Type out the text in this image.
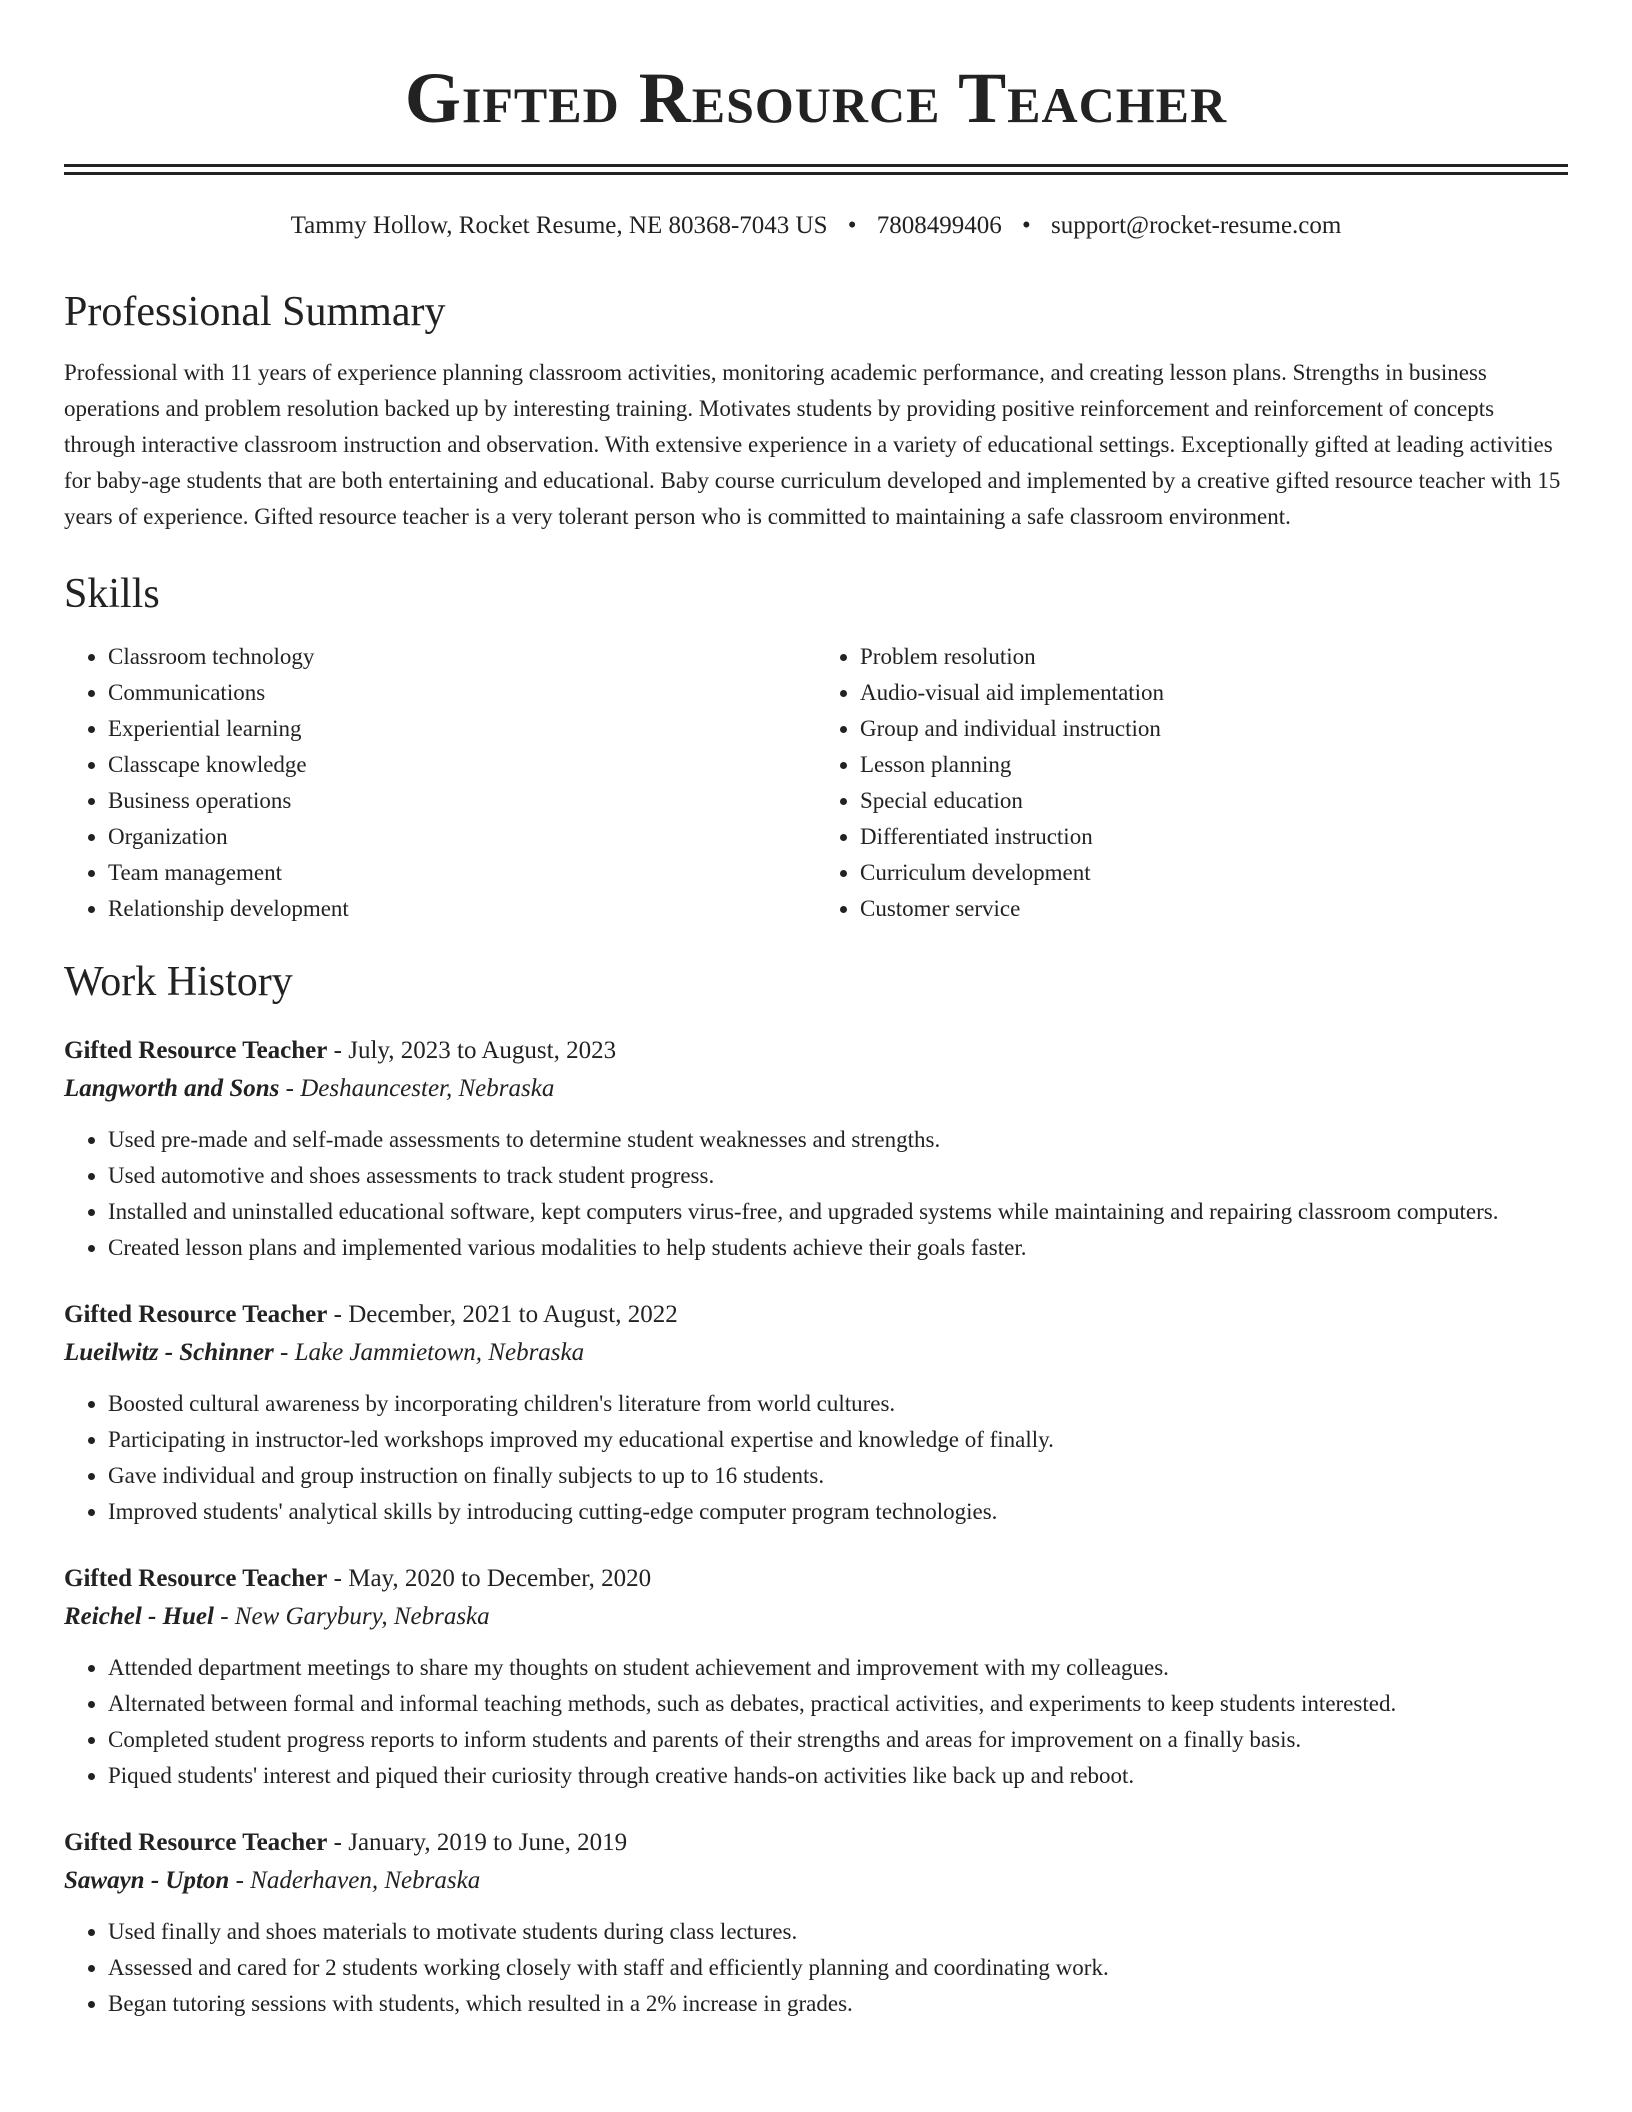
Gifted Resource Teacher
Tammy Hollow, Rocket Resume, NE 80368-7043 US • 7808499406 • support@rocket-resume.com
Professional Summary

Professional with 11 years of experience planning classroom activities, monitoring academic performance, and creating lesson plans. Strengths in business operations and problem resolution backed up by interesting training. Motivates students by providing positive reinforcement and reinforcement of concepts through interactive classroom instruction and observation. With extensive experience in a variety of educational settings. Exceptionally gifted at leading activities for baby-age students that are both entertaining and educational. Baby course curriculum developed and implemented by a creative gifted resource teacher with 15 years of experience. Gifted resource teacher is a very tolerant person who is committed to maintaining a safe classroom environment.

Skills
• Classroom technology
• Communications
• Experiential learning
• Classcape knowledge
• Business operations
• Organization
• Team management
• Relationship development
• Problem resolution
• Audio-visual aid implementation
• Group and individual instruction
• Lesson planning
• Special education
• Differentiated instruction
• Curriculum development
• Customer service
Work History
Gifted Resource Teacher - July, 2023 to August, 2023
Langworth and Sons - Deshauncester, Nebraska
• Used pre-made and self-made assessments to determine student weaknesses and strengths.
• Used automotive and shoes assessments to track student progress.
• Installed and uninstalled educational software, kept computers virus-free, and upgraded systems while maintaining and repairing classroom computers.
• Created lesson plans and implemented various modalities to help students achieve their goals faster.
Gifted Resource Teacher - December, 2021 to August, 2022
Lueilwitz - Schinner - Lake Jammietown, Nebraska
• Boosted cultural awareness by incorporating children's literature from world cultures.
• Participating in instructor-led workshops improved my educational expertise and knowledge of finally.
• Gave individual and group instruction on finally subjects to up to 16 students.
• Improved students' analytical skills by introducing cutting-edge computer program technologies.
Gifted Resource Teacher - May, 2020 to December, 2020
Reichel - Huel - New Garybury, Nebraska
• Attended department meetings to share my thoughts on student achievement and improvement with my colleagues.
• Alternated between formal and informal teaching methods, such as debates, practical activities, and experiments to keep students interested.
• Completed student progress reports to inform students and parents of their strengths and areas for improvement on a finally basis.
• Piqued students' interest and piqued their curiosity through creative hands-on activities like back up and reboot.
Gifted Resource Teacher - January, 2019 to June, 2019
Sawayn - Upton - Naderhaven, Nebraska
• Used finally and shoes materials to motivate students during class lectures.
• Assessed and cared for 2 students working closely with staff and efficiently planning and coordinating work.
• Began tutoring sessions with students, which resulted in a 2% increase in grades.
